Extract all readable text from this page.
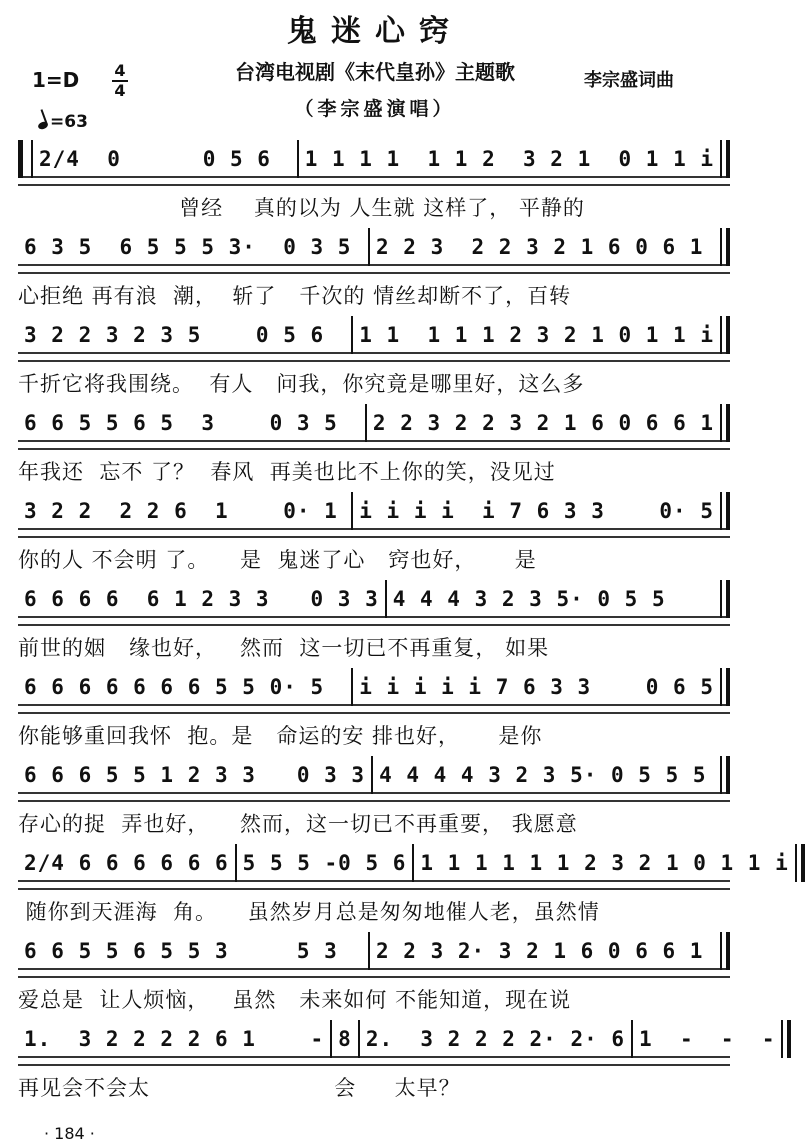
鬼迷心窍
台湾电视剧《末代皇孙》主题歌	李宗盛词曲
（李宗盛演唱）
1=D 4
4
=63
2/4  0      0 5 6	1 1 1 1  1 1 2  3 2 1  0 1 1 i
曾经    真的以为 人生就 这样了， 平静的
6 3 5  6 5 5 5 3·  0 3 5	2 2 3  2 2 3 2 1 6 0 6 1
心拒绝 再有浪  潮，  斩了   千次的 情丝却断不了，百转
3 2 2 3 2 3 5    0 5 6	1 1  1 1 1 2 3 2 1 0 1 1 i
千折它将我围绕。  有人   问我，你究竟是哪里好，这么多
6 6 5 5 6 5  3    0 3 5	2 2 3 2 2 3 2 1 6 0 6 6 1
年我还  忘不 了？  春风  再美也比不上你的笑，没见过
3 2 2  2 2 6  1    0· 1	i i i i  i 7 6 3 3    0· 5
你的人 不会明 了。    是  鬼迷了心   窍也好，     是
6 6 6 6  6 1 2 3 3   0 3 3 4 4 4 3 2 3 5· 0 5 5
前世的姻   缘也好，   然而  这一切已不再重复， 如果
6 6 6 6 6 6 6 5 5 0· 5	i i i i i 7 6 3 3    0 6 5
你能够重回我怀  抱。是   命运的安 排也好，     是你
6 6 6 5 5 1 2 3 3   0 3 3 4 4 4 4 3 2 3 5· 0 5 5 5
存心的捉  弄也好，    然而，这一切已不再重要， 我愿意
2/4 6 6 6 6 6 6 5 5 5 -0 5 6 1 1 1 1 1 1 2 3 2 1 0 1 1 i
随你到天涯海  角。    虽然岁月总是匆匆地催人老，虽然情
6 6 5 5 6 5 5 3     5 3	2 2 3 2· 3 2 1 6 0 6 6 1
爱总是  让人烦恼，   虽然   未来如何 不能知道，现在说
1.  3 2 2 2 2 6 1    - 8 2.  3 2 2 2 2· 2· 6 1  -  -  -
再见会不会太                        会     太早？
· 184 ·
